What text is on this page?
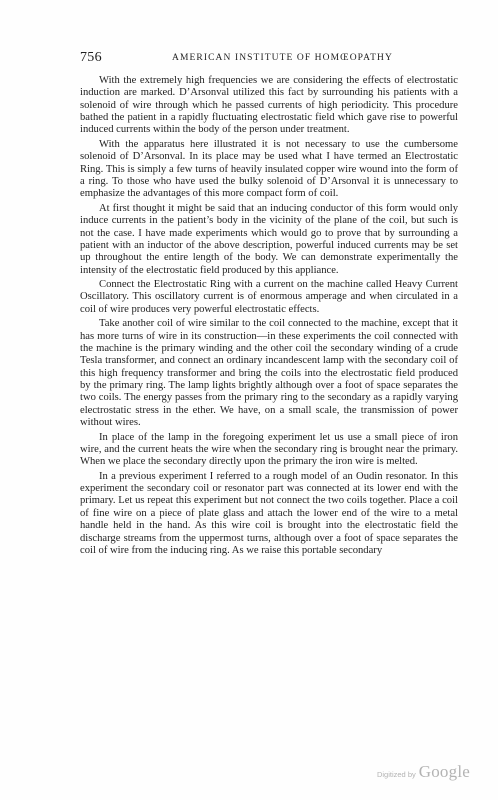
756	AMERICAN INSTITUTE OF HOMŒOPATHY

With the extremely high frequencies we are considering the effects of electrostatic induction are marked. D’Arsonval utilized this fact by surrounding his patients with a solenoid of wire through which he passed currents of high periodicity. This procedure bathed the patient in a rapidly fluctuating electrostatic field which gave rise to powerful induced currents within the body of the person under treatment.

With the apparatus here illustrated it is not necessary to use the cumbersome solenoid of D’Arsonval. In its place may be used what I have termed an Electrostatic Ring. This is simply a few turns of heavily insulated copper wire wound into the form of a ring. To those who have used the bulky solenoid of D’Arsonval it is unnecessary to emphasize the advantages of this more compact form of coil.

At first thought it might be said that an inducing conductor of this form would only induce currents in the patient’s body in the vicinity of the plane of the coil, but such is not the case. I have made experiments which would go to prove that by surrounding a patient with an inductor of the above description, powerful induced currents may be set up throughout the entire length of the body. We can demonstrate experimentally the intensity of the electrostatic field produced by this appliance.

Connect the Electrostatic Ring with a current on the machine called Heavy Current Oscillatory. This oscillatory current is of enormous amperage and when circulated in a coil of wire produces very powerful electrostatic effects.

Take another coil of wire similar to the coil connected to the machine, except that it has more turns of wire in its construction—in these experiments the coil connected with the machine is the primary winding and the other coil the secondary winding of a crude Tesla transformer, and connect an ordinary incandescent lamp with the secondary coil of this high frequency transformer and bring the coils into the electrostatic field produced by the primary ring. The lamp lights brightly although over a foot of space separates the two coils. The energy passes from the primary ring to the secondary as a rapidly varying electrostatic stress in the ether. We have, on a small scale, the transmission of power without wires.

In place of the lamp in the foregoing experiment let us use a small piece of iron wire, and the current heats the wire when the secondary ring is brought near the primary. When we place the secondary directly upon the primary the iron wire is melted.

In a previous experiment I referred to a rough model of an Oudin resonator. In this experiment the secondary coil or resonator part was connected at its lower end with the primary. Let us repeat this experiment but not connect the two coils together. Place a coil of fine wire on a piece of plate glass and attach the lower end of the wire to a metal handle held in the hand. As this wire coil is brought into the electrostatic field the discharge streams from the uppermost turns, although over a foot of space separates the coil of wire from the inducing ring. As we raise this portable secondary

Digitized by Google
